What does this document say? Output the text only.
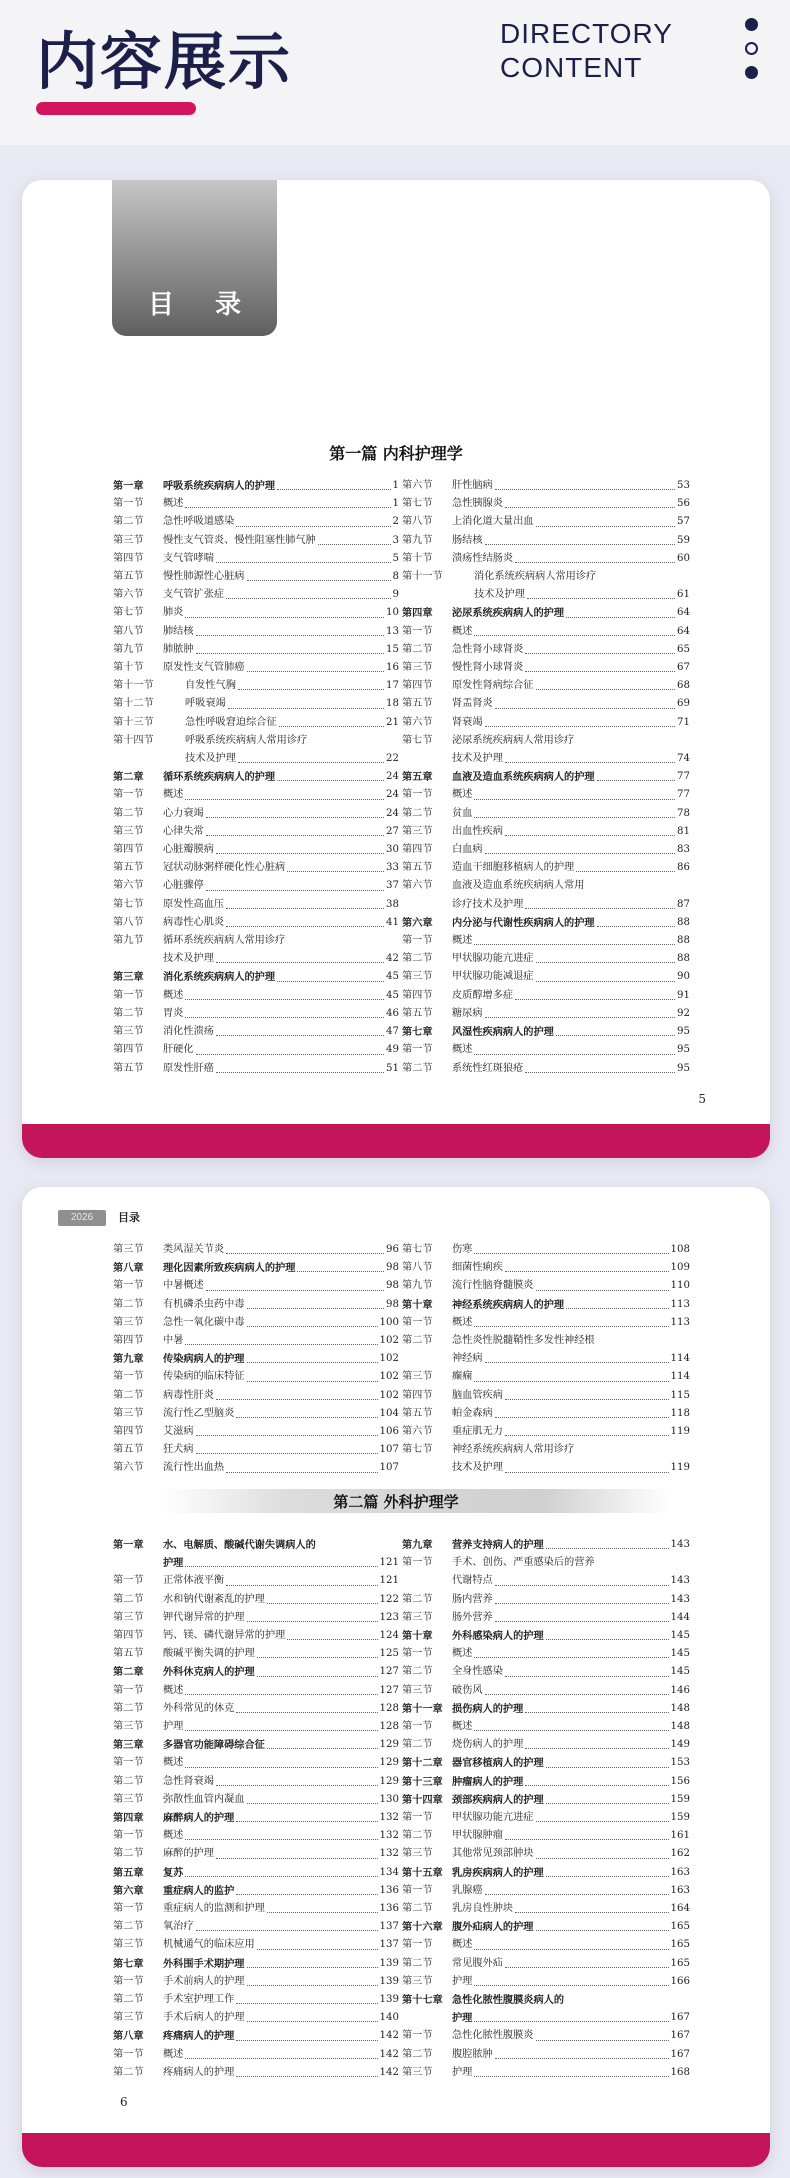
内容展示	DIRECTORY
CONTENT
目 录
第一篇 内科护理学
第一章	呼吸系统疾病病人的护理	1
第一节	概述	1
第二节	急性呼吸道感染	2
第三节	慢性支气管炎、慢性阻塞性肺气肿	3
第四节	支气管哮喘	5
第五节	慢性肺源性心脏病	8
第六节	支气管扩张症	9
第七节	肺炎	10
第八节	肺结核	13
第九节	肺脓肿	15
第十节	原发性支气管肺癌	16
第十一节	自发性气胸	17
第十二节	呼吸衰竭	18
第十三节	急性呼吸窘迫综合征	21
第十四节	呼吸系统疾病病人常用诊疗
技术及护理	22
第二章	循环系统疾病病人的护理	24
第一节	概述	24
第二节	心力衰竭	24
第三节	心律失常	27
第四节	心脏瓣膜病	30
第五节	冠状动脉粥样硬化性心脏病	33
第六节	心脏骤停	37
第七节	原发性高血压	38
第八节	病毒性心肌炎	41
第九节	循环系统疾病病人常用诊疗
技术及护理	42
第三章	消化系统疾病病人的护理	45
第一节	概述	45
第二节	胃炎	46
第三节	消化性溃疡	47
第四节	肝硬化	49
第五节	原发性肝癌	51
第六节	肝性脑病	53
第七节	急性胰腺炎	56
第八节	上消化道大量出血	57
第九节	肠结核	59
第十节	溃疡性结肠炎	60
第十一节	消化系统疾病病人常用诊疗
技术及护理	61
第四章	泌尿系统疾病病人的护理	64
第一节	概述	64
第二节	急性肾小球肾炎	65
第三节	慢性肾小球肾炎	67
第四节	原发性肾病综合征	68
第五节	肾盂肾炎	69
第六节	肾衰竭	71
第七节	泌尿系统疾病病人常用诊疗
技术及护理	74
第五章	血液及造血系统疾病病人的护理	77
第一节	概述	77
第二节	贫血	78
第三节	出血性疾病	81
第四节	白血病	83
第五节	造血干细胞移植病人的护理	86
第六节	血液及造血系统疾病病人常用
诊疗技术及护理	87
第六章	内分泌与代谢性疾病病人的护理	88
第一节	概述	88
第二节	甲状腺功能亢进症	88
第三节	甲状腺功能减退症	90
第四节	皮质醇增多症	91
第五节	糖尿病	92
第七章	风湿性疾病病人的护理	95
第一节	概述	95
第二节	系统性红斑狼疮	95
5
2026	目录
第三节	类风湿关节炎	96
第八章	理化因素所致疾病病人的护理	98
第一节	中暑概述	98
第二节	有机磷杀虫药中毒	98
第三节	急性一氧化碳中毒	100
第四节	中暑	102
第九章	传染病病人的护理	102
第一节	传染病的临床特征	102
第二节	病毒性肝炎	102
第三节	流行性乙型脑炎	104
第四节	艾滋病	106
第五节	狂犬病	107
第六节	流行性出血热	107
第七节	伤寒	108
第八节	细菌性痢疾	109
第九节	流行性脑脊髓膜炎	110
第十章	神经系统疾病病人的护理	113
第一节	概述	113
第二节	急性炎性脱髓鞘性多发性神经根
神经病	114
第三节	癫痫	114
第四节	脑血管疾病	115
第五节	帕金森病	118
第六节	重症肌无力	119
第七节	神经系统疾病病人常用诊疗
技术及护理	119
第二篇 外科护理学
第一章	水、电解质、酸碱代谢失调病人的
护理	121
第一节	正常体液平衡	121
第二节	水和钠代谢紊乱的护理	122
第三节	钾代谢异常的护理	123
第四节	钙、镁、磷代谢异常的护理	124
第五节	酸碱平衡失调的护理	125
第二章	外科休克病人的护理	127
第一节	概述	127
第二节	外科常见的休克	128
第三节	护理	128
第三章	多器官功能障碍综合征	129
第一节	概述	129
第二节	急性肾衰竭	129
第三节	弥散性血管内凝血	130
第四章	麻醉病人的护理	132
第一节	概述	132
第二节	麻醉的护理	132
第五章	复苏	134
第六章	重症病人的监护	136
第一节	重症病人的监测和护理	136
第二节	氧治疗	137
第三节	机械通气的临床应用	137
第七章	外科围手术期护理	139
第一节	手术前病人的护理	139
第二节	手术室护理工作	139
第三节	手术后病人的护理	140
第八章	疼痛病人的护理	142
第一节	概述	142
第二节	疼痛病人的护理	142
第九章	营养支持病人的护理	143
第一节	手术、创伤、严重感染后的营养
代谢特点	143
第二节	肠内营养	143
第三节	肠外营养	144
第十章	外科感染病人的护理	145
第一节	概述	145
第二节	全身性感染	145
第三节	破伤风	146
第十一章 损伤病人的护理	148
第一节	概述	148
第二节	烧伤病人的护理	149
第十二章 器官移植病人的护理	153
第十三章 肿瘤病人的护理	156
第十四章 颈部疾病病人的护理	159
第一节	甲状腺功能亢进症	159
第二节	甲状腺肿瘤	161
第三节	其他常见颈部肿块	162
第十五章 乳房疾病病人的护理	163
第一节	乳腺癌	163
第二节	乳房良性肿块	164
第十六章 腹外疝病人的护理	165
第一节	概述	165
第二节	常见腹外疝	165
第三节	护理	166
第十七章 急性化脓性腹膜炎病人的
护理	167
第一节	急性化脓性腹膜炎	167
第二节	腹腔脓肿	167
第三节	护理	168
6
